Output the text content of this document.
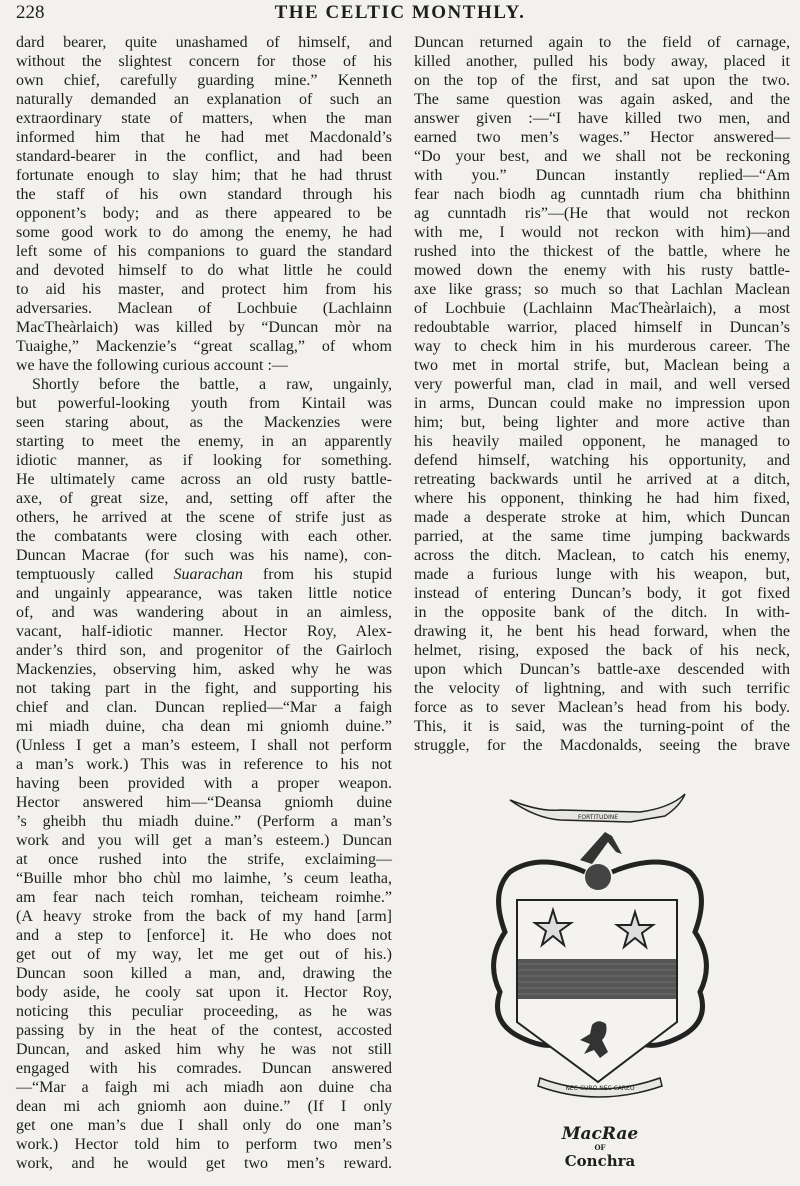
228	THE CELTIC MONTHLY.
dard bearer, quite unashamed of himself, and
without the slightest concern for those of his
own chief, carefully guarding mine.” Kenneth
naturally demanded an explanation of such an
extraordinary state of matters, when the man
informed him that he had met Macdonald’s
standard-bearer in the conflict, and had been
fortunate enough to slay him; that he had thrust
the staff of his own standard through his
opponent’s body; and as there appeared to be
some good work to do among the enemy, he had
left some of his companions to guard the standard
and devoted himself to do what little he could
to aid his master, and protect him from his
adversaries. Maclean of Lochbuie (Lachlainn
MacTheàrlaich) was killed by “Duncan mòr na
Tuaighe,” Mackenzie’s “great scallag,” of whom
we have the following curious account :—
Shortly before the battle, a raw, ungainly,
but powerful-looking youth from Kintail was
seen staring about, as the Mackenzies were
starting to meet the enemy, in an apparently
idiotic manner, as if looking for something.
He ultimately came across an old rusty battle-
axe, of great size, and, setting off after the
others, he arrived at the scene of strife just as
the combatants were closing with each other.
Duncan Macrae (for such was his name), con-
temptuously called Suarachan from his stupid
and ungainly appearance, was taken little notice
of, and was wandering about in an aimless,
vacant, half-idiotic manner. Hector Roy, Alex-
ander’s third son, and progenitor of the Gairloch
Mackenzies, observing him, asked why he was
not taking part in the fight, and supporting his
chief and clan. Duncan replied—“Mar a faigh
mi miadh duine, cha dean mi gniomh duine.”
(Unless I get a man’s esteem, I shall not perform
a man’s work.) This was in reference to his not
having been provided with a proper weapon.
Hector answered him—“Deansa gniomh duine
’s gheibh thu miadh duine.” (Perform a man’s
work and you will get a man’s esteem.) Duncan
at once rushed into the strife, exclaiming—
“Buille mhor bho chùl mo laimhe, ’s ceum leatha,
am fear nach teich romhan, teicheam roimhe.”
(A heavy stroke from the back of my hand [arm]
and a step to [enforce] it. He who does not
get out of my way, let me get out of his.)
Duncan soon killed a man, and, drawing the
body aside, he cooly sat upon it. Hector Roy,
noticing this peculiar proceeding, as he was
passing by in the heat of the contest, accosted
Duncan, and asked him why he was not still
engaged with his comrades. Duncan answered
—“Mar a faigh mi ach miadh aon duine cha
dean mi ach gniomh aon duine.” (If I only
get one man’s due I shall only do one man’s
work.) Hector told him to perform two men’s
work, and he would get two men’s reward.
Duncan returned again to the field of carnage,
killed another, pulled his body away, placed it
on the top of the first, and sat upon the two.
The same question was again asked, and the
answer given :—“I have killed two men, and
earned two men’s wages.” Hector answered—
“Do your best, and we shall not be reckoning
with you.” Duncan instantly replied—“Am
fear nach biodh ag cunntadh rium cha bhithinn
ag cunntadh ris”—(He that would not reckon
with me, I would not reckon with him)—and
rushed into the thickest of the battle, where he
mowed down the enemy with his rusty battle-
axe like grass; so much so that Lachlan Maclean
of Lochbuie (Lachlainn MacTheàrlaich), a most
redoubtable warrior, placed himself in Duncan’s
way to check him in his murderous career. The
two met in mortal strife, but, Maclean being a
very powerful man, clad in mail, and well versed
in arms, Duncan could make no impression upon
him; but, being lighter and more active than
his heavily mailed opponent, he managed to
defend himself, watching his opportunity, and
retreating backwards until he arrived at a ditch,
where his opponent, thinking he had him fixed,
made a desperate stroke at him, which Duncan
parried, at the same time jumping backwards
across the ditch. Maclean, to catch his enemy,
made a furious lunge with his weapon, but,
instead of entering Duncan’s body, it got fixed
in the opposite bank of the ditch. In with-
drawing it, he bent his head forward, when the
helmet, rising, exposed the back of his neck,
upon which Duncan’s battle-axe descended with
the velocity of lightning, and with such terrific
force as to sever Maclean’s head from his body.
This, it is said, was the turning-point of the
struggle, for the Macdonalds, seeing the brave
FORTITUDINE
NEC CURO NEC CAREO
MacRae
OF
Conchra
